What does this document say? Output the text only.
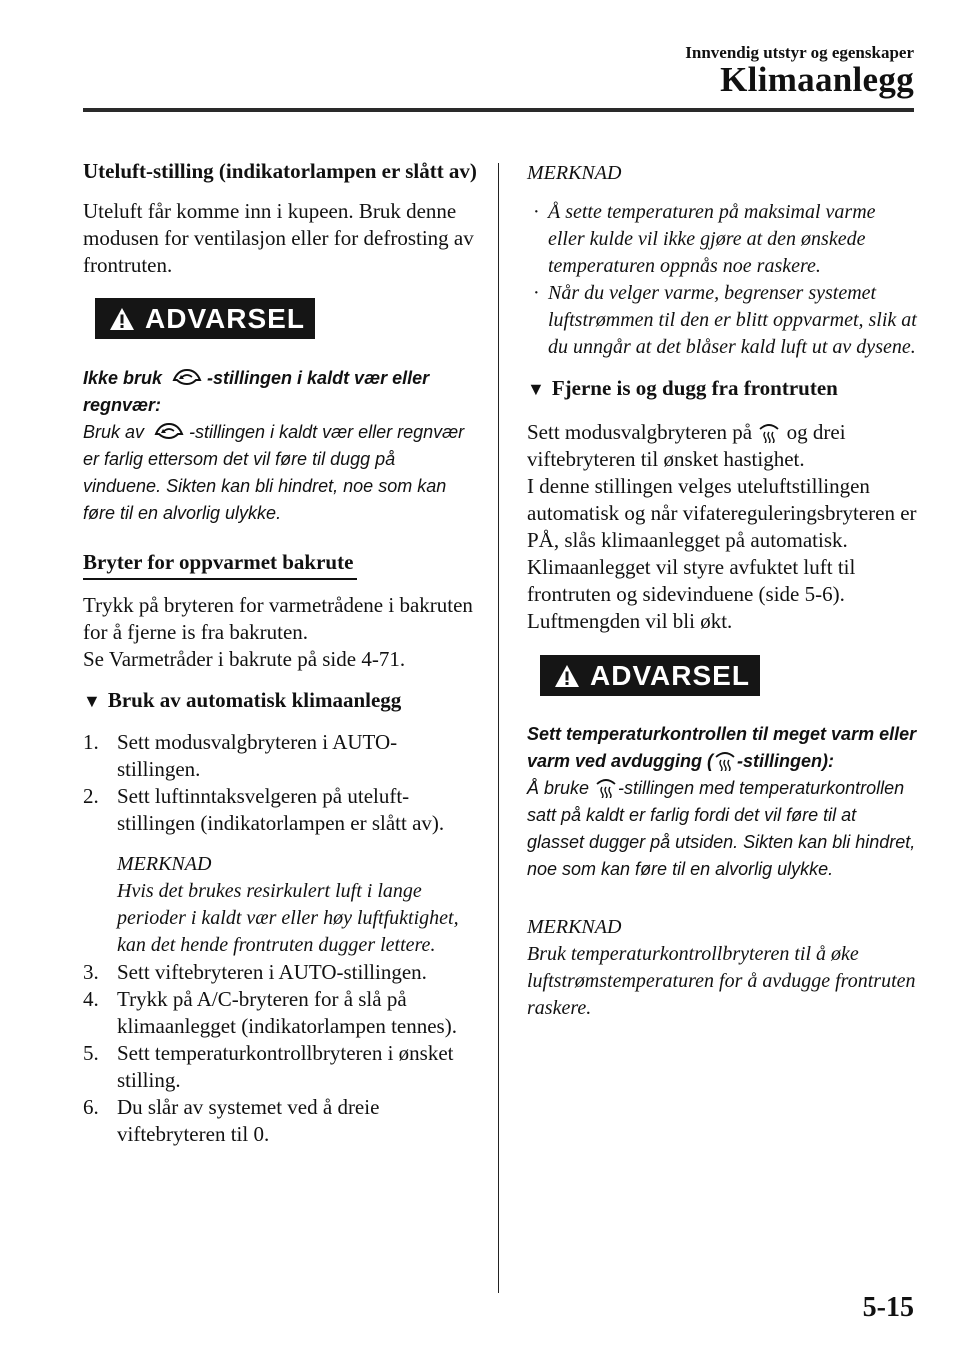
Innvendig utstyr og egenskaper
Klimaanlegg

Uteluft-stilling (indikatorlampen er slått av)

Uteluft får komme inn i kupeen. Bruk denne modusen for ventilasjon eller for defrosting av frontruten.

ADVARSEL

Ikke bruk -stillingen i kaldt vær eller regnvær:

Bruk av -stillingen i kaldt vær eller regnvær er farlig ettersom det vil føre til dugg på vinduene. Sikten kan bli hindret, noe som kan føre til en alvorlig ulykke.

Bryter for oppvarmet bakrute

Trykk på bryteren for varmetrådene i bakruten for å fjerne is fra bakruten.

Se Varmetråder i bakrute på side 4-71.

▼ Bruk av automatisk klimaanlegg

1. Sett modusvalgbryteren i AUTO-stillingen.
2. Sett luftinntaksvelgeren på uteluft-stillingen (indikatorlampen er slått av).

MERKNAD

Hvis det brukes resirkulert luft i lange perioder i kaldt vær eller høy luftfuktighet, kan det hende frontruten dugger lettere.

3. Sett viftebryteren i AUTO-stillingen.
4. Trykk på A/C-bryteren for å slå på klimaanlegget (indikatorlampen tennes).
5. Sett temperaturkontrollbryteren i ønsket stilling.
6. Du slår av systemet ved å dreie viftebryteren til 0.

MERKNAD

· Å sette temperaturen på maksimal varme eller kulde vil ikke gjøre at den ønskede temperaturen oppnås noe raskere.
· Når du velger varme, begrenser systemet luftstrømmen til den er blitt oppvarmet, slik at du unngår at det blåser kald luft ut av dysene.

▼ Fjerne is og dugg fra frontruten

Sett modusvalgbryteren på  og drei viftebryteren til ønsket hastighet.

I denne stillingen velges uteluftstillingen automatisk og når vifatereguleringsbryteren er PÅ, slås klimaanlegget på automatisk.

Klimaanlegget vil styre avfuktet luft til frontruten og sidevinduene (side 5-6).

Luftmengden vil bli økt.

ADVARSEL

Sett temperaturkontrollen til meget varm eller varm ved avdugging ( -stillingen):

Å bruke -stillingen med temperaturkontrollen satt på kaldt er farlig fordi det vil føre til at glasset dugger på utsiden. Sikten kan bli hindret, noe som kan føre til en alvorlig ulykke.

MERKNAD

Bruk temperaturkontrollbryteren til å øke luftstrømstemperaturen for å avdugge frontruten raskere.

5-15
